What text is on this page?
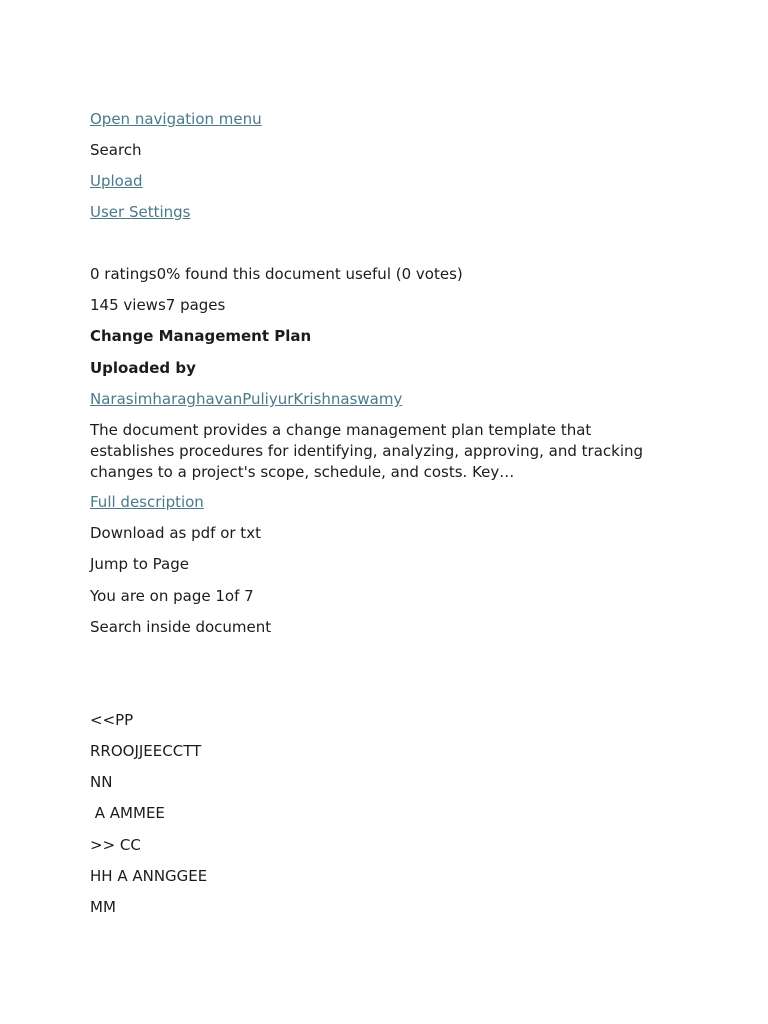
Open navigation menu
Search
Upload
User Settings
0 ratings0% found this document useful (0 votes)
145 views7 pages
Change Management Plan
Uploaded by
NarasimharaghavanPuliyurKrishnaswamy
The document provides a change management plan template that establishes procedures for identifying, analyzing, approving, and tracking changes to a project's scope, schedule, and costs. Key…
Full description
Download as pdf or txt
Jump to Page
You are on page 1of 7
Search inside document
<<PP
RROOJJEECCTT
NN
A AMMEE
>> CC
HH A ANNGGEE
MM
